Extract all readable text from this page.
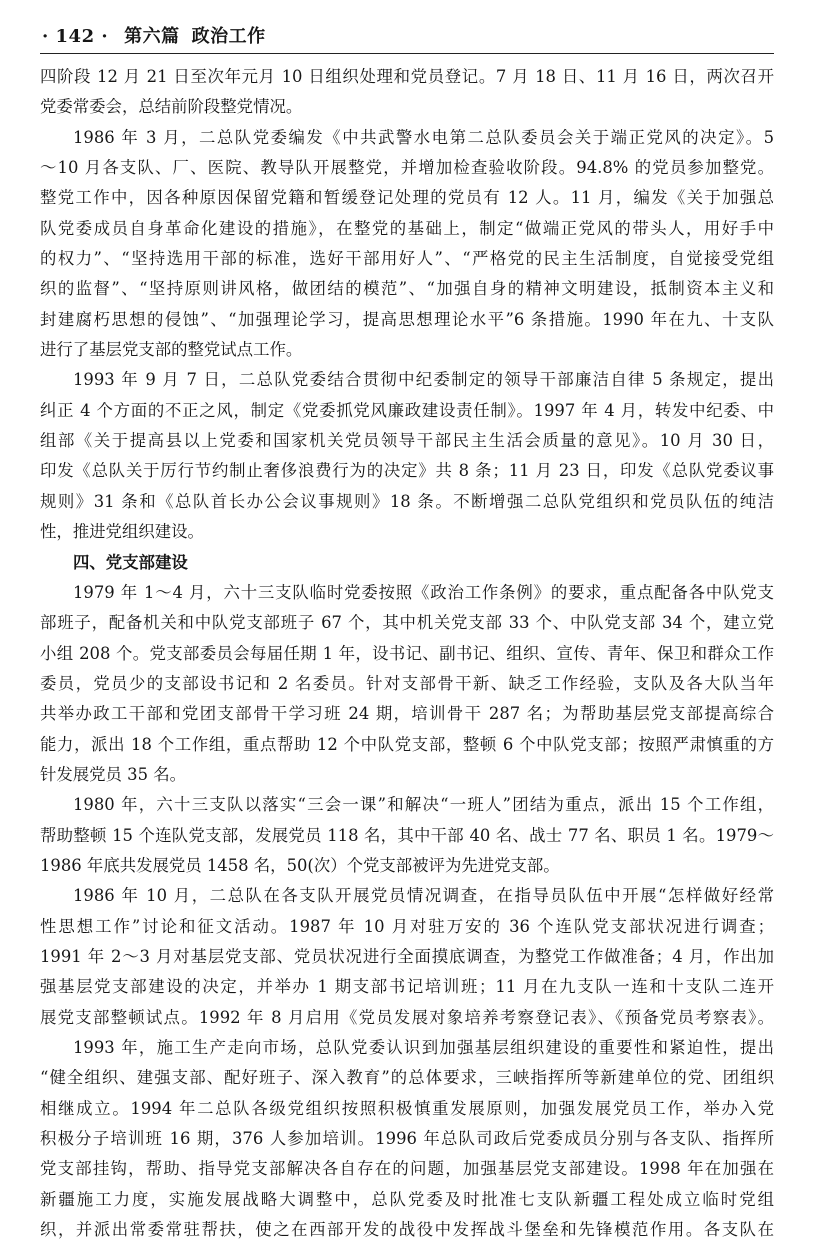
· 142 · 第六篇 政治工作
四阶段 12 月 21 日至次年元月 10 日组织处理和党员登记。7 月 18 日、11 月 16 日，两次召开
党委常委会，总结前阶段整党情况。
1986 年 3 月，二总队党委编发《中共武警水电第二总队委员会关于端正党风的决定》。5
～10 月各支队、厂、医院、教导队开展整党，并增加检查验收阶段。94.8% 的党员参加整党。
整党工作中，因各种原因保留党籍和暂缓登记处理的党员有 12 人。11 月，编发《关于加强总
队党委成员自身革命化建设的措施》，在整党的基础上，制定“做端正党风的带头人，用好手中
的权力”、“坚持选用干部的标准，选好干部用好人”、“严格党的民主生活制度，自觉接受党组
织的监督”、“坚持原则讲风格，做团结的模范”、“加强自身的精神文明建设，抵制资本主义和
封建腐朽思想的侵蚀”、“加强理论学习，提高思想理论水平”6 条措施。1990 年在九、十支队
进行了基层党支部的整党试点工作。
1993 年 9 月 7 日，二总队党委结合贯彻中纪委制定的领导干部廉洁自律 5 条规定，提出
纠正 4 个方面的不正之风，制定《党委抓党风廉政建设责任制》。1997 年 4 月，转发中纪委、中
组部《关于提高县以上党委和国家机关党员领导干部民主生活会质量的意见》。10 月 30 日，
印发《总队关于厉行节约制止奢侈浪费行为的决定》共 8 条；11 月 23 日，印发《总队党委议事
规则》31 条和《总队首长办公会议事规则》18 条。不断增强二总队党组织和党员队伍的纯洁
性，推进党组织建设。
四、党支部建设
1979 年 1～4 月，六十三支队临时党委按照《政治工作条例》的要求，重点配备各中队党支
部班子，配备机关和中队党支部班子 67 个，其中机关党支部 33 个、中队党支部 34 个，建立党
小组 208 个。党支部委员会每届任期 1 年，设书记、副书记、组织、宣传、青年、保卫和群众工作
委员，党员少的支部设书记和 2 名委员。针对支部骨干新、缺乏工作经验，支队及各大队当年
共举办政工干部和党团支部骨干学习班 24 期，培训骨干 287 名；为帮助基层党支部提高综合
能力，派出 18 个工作组，重点帮助 12 个中队党支部，整顿 6 个中队党支部；按照严肃慎重的方
针发展党员 35 名。
1980 年，六十三支队以落实“三会一课”和解决“一班人”团结为重点，派出 15 个工作组，
帮助整顿 15 个连队党支部，发展党员 118 名，其中干部 40 名、战士 77 名、职员 1 名。1979～
1986 年底共发展党员 1458 名，50(次）个党支部被评为先进党支部。
1986 年 10 月，二总队在各支队开展党员情况调查，在指导员队伍中开展“怎样做好经常
性思想工作”讨论和征文活动。1987 年 10 月对驻万安的 36 个连队党支部状况进行调查；
1991 年 2～3 月对基层党支部、党员状况进行全面摸底调查，为整党工作做准备；4 月，作出加
强基层党支部建设的决定，并举办 1 期支部书记培训班；11 月在九支队一连和十支队二连开
展党支部整顿试点。1992 年 8 月启用《党员发展对象培养考察登记表》、《预备党员考察表》。
1993 年，施工生产走向市场，总队党委认识到加强基层组织建设的重要性和紧迫性，提出
“健全组织、建强支部、配好班子、深入教育”的总体要求，三峡指挥所等新建单位的党、团组织
相继成立。1994 年二总队各级党组织按照积极慎重发展原则，加强发展党员工作，举办入党
积极分子培训班 16 期，376 人参加培训。1996 年总队司政后党委成员分别与各支队、指挥所
党支部挂钩，帮助、指导党支部解决各自存在的问题，加强基层党支部建设。1998 年在加强在
新疆施工力度，实施发展战略大调整中，总队党委及时批准七支队新疆工程处成立临时党组
织，并派出常委常驻帮扶，使之在西部开发的战役中发挥战斗堡垒和先锋模范作用。各支队在
